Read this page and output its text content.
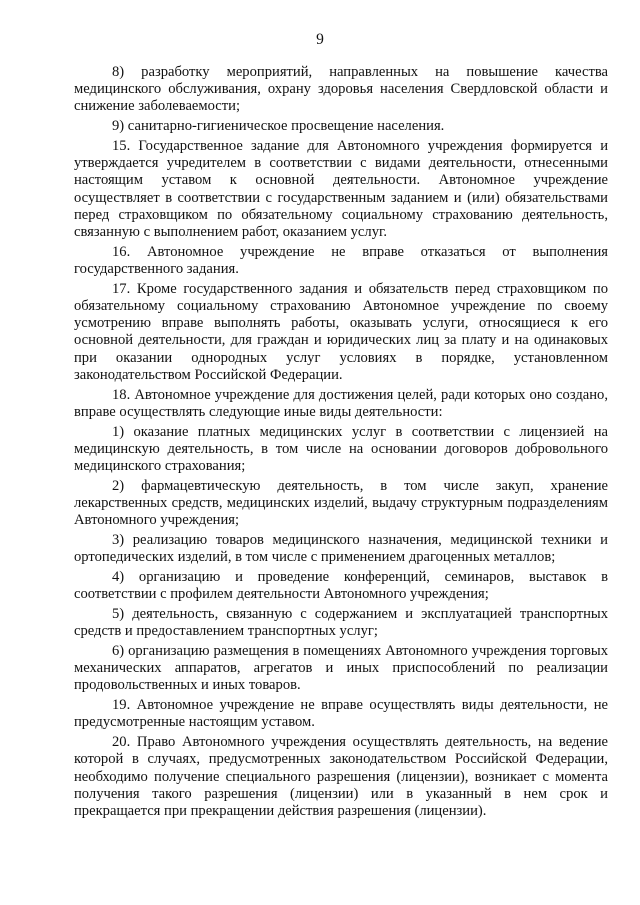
9

8) разработку мероприятий, направленных на повышение качества медицинского обслуживания, охрану здоровья населения Свердловской области и снижение заболеваемости;

9) санитарно-гигиеническое просвещение населения.

15. Государственное задание для Автономного учреждения формируется и утверждается учредителем в соответствии с видами деятельности, отнесенными настоящим уставом к основной деятельности. Автономное учреждение осуществляет в соответствии с государственным заданием и (или) обязательствами перед страховщиком по обязательному социальному страхованию деятельность, связанную с выполнением работ, оказанием услуг.

16. Автономное учреждение не вправе отказаться от выполнения государственного задания.

17. Кроме государственного задания и обязательств перед страховщиком по обязательному социальному страхованию Автономное учреждение по своему усмотрению вправе выполнять работы, оказывать услуги, относящиеся к его основной деятельности, для граждан и юридических лиц за плату и на одинаковых при оказании однородных услуг условиях в порядке, установленном законодательством Российской Федерации.

18. Автономное учреждение для достижения целей, ради которых оно создано, вправе осуществлять следующие иные виды деятельности:

1) оказание платных медицинских услуг в соответствии с лицензией на медицинскую деятельность, в том числе на основании договоров добровольного медицинского страхования;

2) фармацевтическую деятельность, в том числе закуп, хранение лекарственных средств, медицинских изделий, выдачу структурным подразделениям Автономного учреждения;

3) реализацию товаров медицинского назначения, медицинской техники и ортопедических изделий, в том числе с применением драгоценных металлов;

4) организацию и проведение конференций, семинаров, выставок в соответствии с профилем деятельности Автономного учреждения;

5) деятельность, связанную с содержанием и эксплуатацией транспортных средств и предоставлением транспортных услуг;

6) организацию размещения в помещениях Автономного учреждения торговых механических аппаратов, агрегатов и иных приспособлений по реализации продовольственных и иных товаров.

19. Автономное учреждение не вправе осуществлять виды деятельности, не предусмотренные настоящим уставом.

20. Право Автономного учреждения осуществлять деятельность, на ведение которой в случаях, предусмотренных законодательством Российской Федерации, необходимо получение специального разрешения (лицензии), возникает с момента получения такого разрешения (лицензии) или в указанный в нем срок и прекращается при прекращении действия разрешения (лицензии).
